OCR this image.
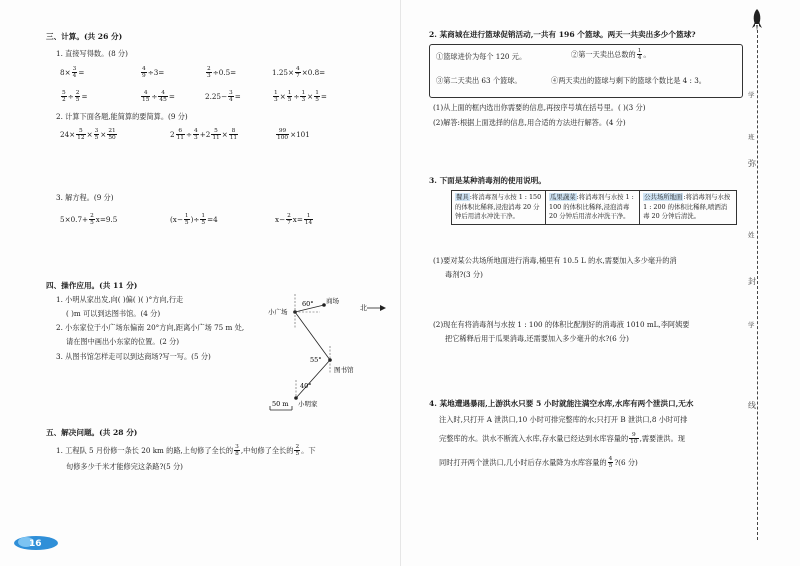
三、计算。(共 26 分)
1. 直接写得数。(8 分)
$8\times \frac{3}{4}$ =	$\frac{4}{9} \div 3=$	$\frac{2}{3} \div 0.5=$	$1.25\times \frac{4}{7} \times 0.8=$
$\frac{5}{2} \div \frac{2}{5}$ =	$\frac{4}{15} \div \frac{4}{45}$ =	$2.25- \frac{3}{4}$ =	$\frac{1}{3} \times \frac{1}{5} \div \frac{1}{3} \times \frac{1}{5}$ =
2. 计算下面各题,能简算的要简算。(9 分)
$24\times \frac{5}{12} \times \frac{3}{5} \times \frac{21}{50}$	$2 \frac{6}{11} \div \frac{4}{3} +2 \frac{5}{11} \times \frac{8}{11}$	$\frac{99}{100} \times 101$
3. 解方程。(9 分)
$5\times 0.7+ \frac{2}{5} x=9.5$	($x- \frac{1}{5}$ )÷ $\frac{1}{5} =4$	$x- \frac{2}{7} x= \frac{1}{14}$
四、操作应用。(共 11 分)
1. 小明从家出发,向( )偏( )( )°方向,行走
( )m 可以到达图书馆。(4 分)
2. 小东家位于小广场东偏南 20°方向,距离小广场 75 m 处,
请在图中画出小东家的位置。(2 分)
3. 从图书馆怎样走可以到达商场?写一写。(5 分)
北
60° 商场
小广场
55°
图书馆
40°
小明家
50 m
五、解决问题。(共 28 分)
1. 工程队 5 月份修一条长 20 km 的路,上旬修了全长的 $\frac{3}{8}$ ,中旬修了全长的 $\frac{2}{5}$ 。下
旬修多少千米才能修完这条路?(5 分)
16
2. 某商城在进行篮球促销活动,一共有 196 个篮球。两天一共卖出多少个篮球?
①篮球进价为每个 120 元。	②第一天卖出总数的 $\frac{1}{4}$ 。
③第二天卖出 63 个篮球。	④两天卖出的篮球与剩下的篮球个数比是 4 : 3。
(1)从上面的框内选出你需要的信息,再按序号填在括号里。( )(3 分)
(2)解答:根据上面选择的信息,用合适的方法进行解答。(4 分)
3. 下面是某种消毒剂的使用说明。
餐具:将消毒剂与水按 1 : 150 的体积比稀释,浸泡消毒 20 分钟后用清水冲洗干净。	瓜果蔬菜:将消毒剂与水按 1 : 100 的体积比稀释,浸泡消毒 20 分钟后用清水冲洗干净。	公共场所地面:将消毒剂与水按 1 : 200 的体积比稀释,喷洒消毒 20 分钟后清洗。
(1)要对某公共场所地面进行消毒,桶里有 10.5 L 的水,需要加入多少毫升的消
毒剂?(3 分)
(2)现在有将消毒剂与水按 1 : 100 的体积比配制好的消毒液 1010 mL,李阿姨要
把它稀释后用于瓜果消毒,还需要加入多少毫升的水?(6 分)
4. 某地遭遇暴雨,上游洪水只要 5 小时就能注满空水库,水库有两个泄洪口,无水
注入时,只打开 A 泄洪口,10 小时可排完整库的水;只打开 B 泄洪口,8 小时可排
完整库的水。洪水不断流入水库,存水量已经达到水库容量的 $\frac{9}{10}$ ,需要泄洪。现
同时打开两个泄洪口,几小时后存水量降为水库容量的 $\frac{4}{5}$ ?(6 分)
学
班
弥
姓
封
学
线
